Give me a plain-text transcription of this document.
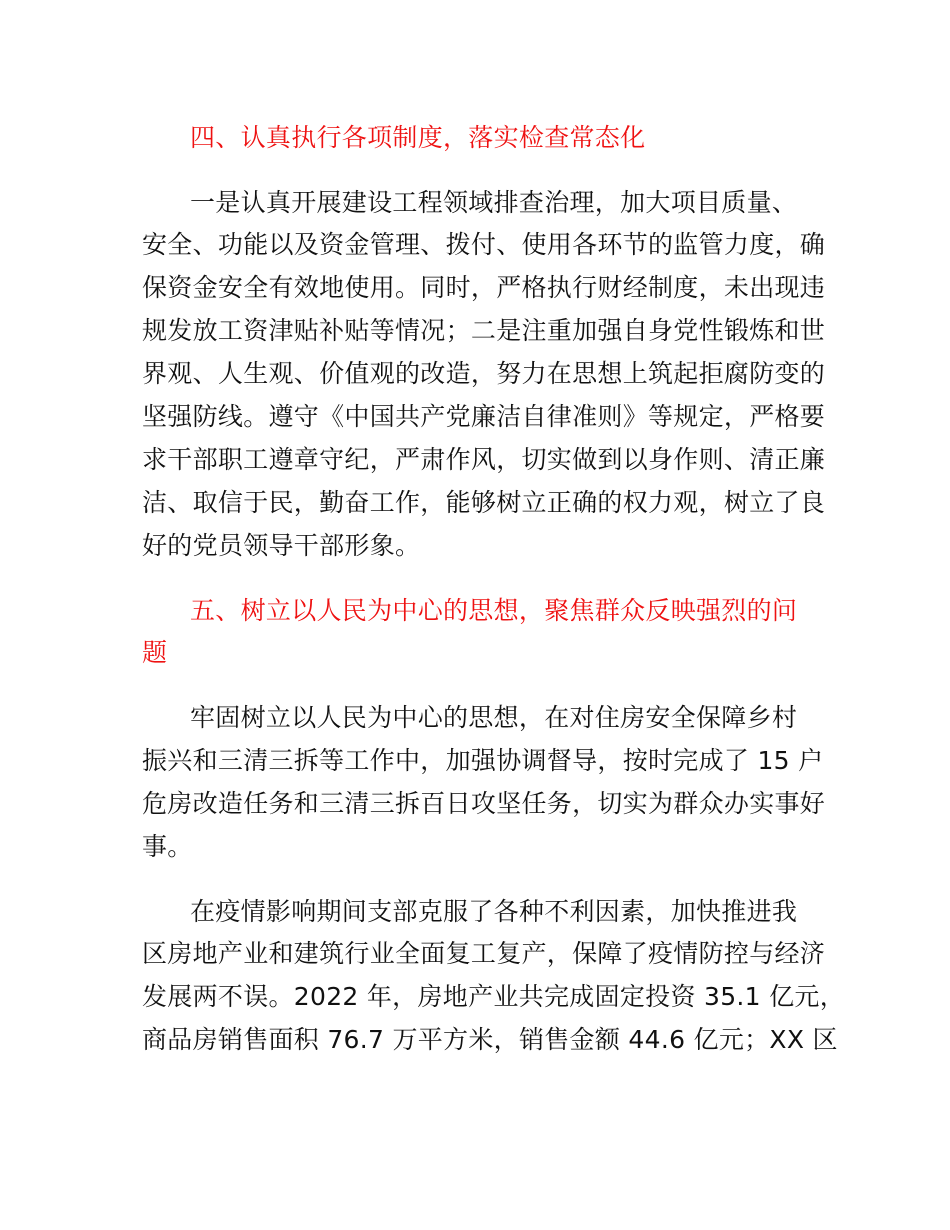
四、认真执行各项制度，落实检查常态化
一是认真开展建设工程领域排查治理，加大项目质量、
安全、功能以及资金管理、拨付、使用各环节的监管力度，确
保资金安全有效地使用。同时，严格执行财经制度，未出现违
规发放工资津贴补贴等情况；二是注重加强自身党性锻炼和世
界观、人生观、价值观的改造，努力在思想上筑起拒腐防变的
坚强防线。遵守《中国共产党廉洁自律准则》等规定，严格要
求干部职工遵章守纪，严肃作风，切实做到以身作则、清正廉
洁、取信于民，勤奋工作，能够树立正确的权力观，树立了良
好的党员领导干部形象。
五、树立以人民为中心的思想，聚焦群众反映强烈的问
题
牢固树立以人民为中心的思想，在对住房安全保障乡村
振兴和三清三拆等工作中，加强协调督导，按时完成了 15 户
危房改造任务和三清三拆百日攻坚任务，切实为群众办实事好
事。
在疫情影响期间支部克服了各种不利因素，加快推进我
区房地产业和建筑行业全面复工复产，保障了疫情防控与经济
发展两不误。2022 年，房地产业共完成固定投资 35.1 亿元，
商品房销售面积 76.7 万平方米，销售金额 44.6 亿元；XX 区
